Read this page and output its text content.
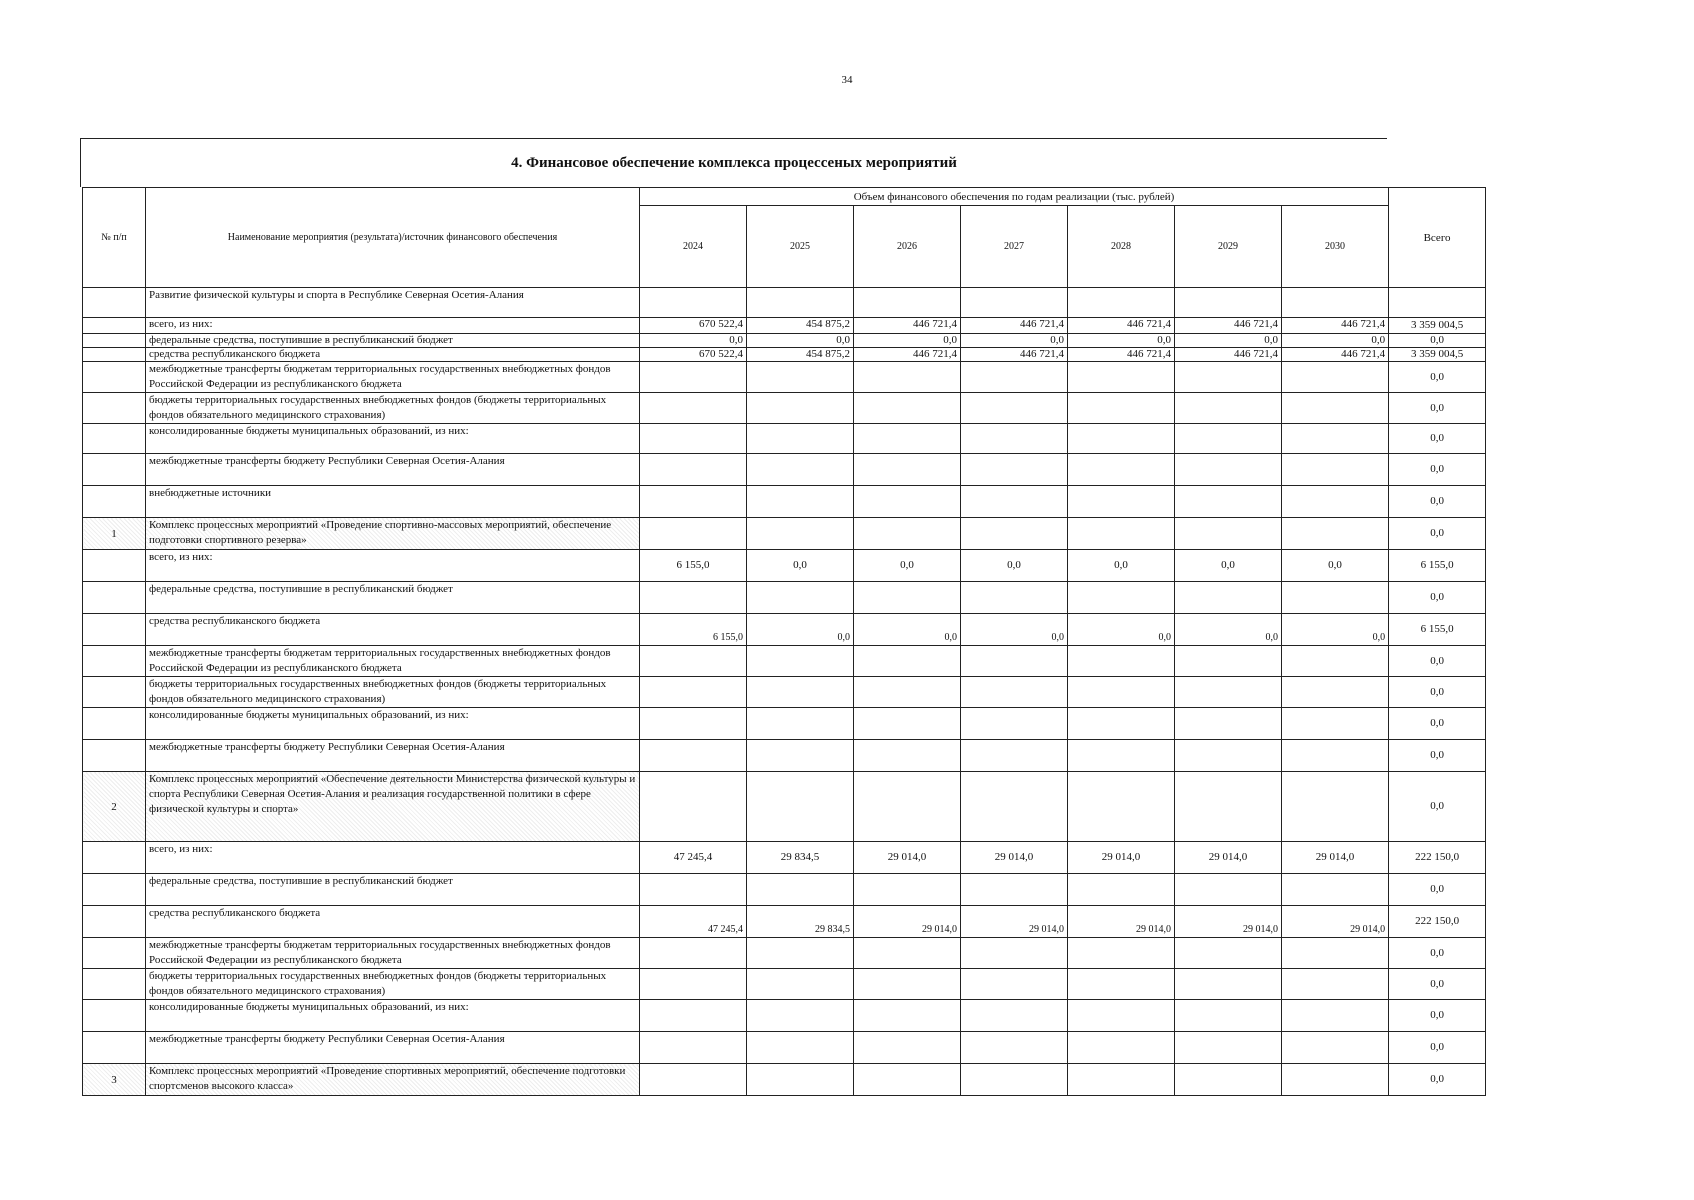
34
4. Финансовое обеспечение комплекса процессеных мероприятий
№ п/п	Наименование мероприятия (результата)/источник финансового обеспечения	Объем финансового обеспечения по годам реализации (тыс. рублей)							Всего
		2024	2025	2026	2027	2028	2029	2030	
	Развитие физической культуры и спорта в Республике Северная Осетия-Алания								
	всего, из них:	670 522,4	454 875,2	446 721,4	446 721,4	446 721,4	446 721,4	446 721,4	3 359 004,5
	федеральные средства, поступившие в республиканский бюджет	0,0	0,0	0,0	0,0	0,0	0,0	0,0	0,0
	средства республиканского бюджета	670 522,4	454 875,2	446 721,4	446 721,4	446 721,4	446 721,4	446 721,4	3 359 004,5
	межбюджетные трансферты бюджетам территориальных государственных внебюджетных фондов Российской Федерации из республиканского бюджета								0,0
	бюджеты территориальных государственных внебюджетных фондов (бюджеты территориальных фондов обязательного медицинского страхования)								0,0
	консолидированные бюджеты муниципальных образований, из них:								0,0
	межбюджетные трансферты бюджету Республики Северная Осетия-Алания								0,0
	внебюджетные источники								0,0
1	Комплекс процессных мероприятий «Проведение спортивно-массовых мероприятий, обеспечение подготовки спортивного резерва»								0,0
	всего, из них:	6 155,0	0,0	0,0	0,0	0,0	0,0	0,0	6 155,0
	федеральные средства, поступившие в республиканский бюджет								0,0
	средства республиканского бюджета	6 155,0	0,0	0,0	0,0	0,0	0,0	0,0	6 155,0
	межбюджетные трансферты бюджетам территориальных государственных внебюджетных фондов Российской Федерации из республиканского бюджета								0,0
	бюджеты территориальных государственных внебюджетных фондов (бюджеты территориальных фондов обязательного медицинского страхования)								0,0
	консолидированные бюджеты муниципальных образований, из них:								0,0
	межбюджетные трансферты бюджету Республики Северная Осетия-Алания								0,0
2	Комплекс процессных мероприятий «Обеспечение деятельности Министерства физической культуры и спорта Республики Северная Осетия-Алания и реализация государственной политики в сфере физической культуры и спорта»								0,0
	всего, из них:	47 245,4	29 834,5	29 014,0	29 014,0	29 014,0	29 014,0	29 014,0	222 150,0
	федеральные средства, поступившие в республиканский бюджет								0,0
	средства республиканского бюджета	47 245,4	29 834,5	29 014,0	29 014,0	29 014,0	29 014,0	29 014,0	222 150,0
	межбюджетные трансферты бюджетам территориальных государственных внебюджетных фондов Российской Федерации из республиканского бюджета								0,0
	бюджеты территориальных государственных внебюджетных фондов (бюджеты территориальных фондов обязательного медицинского страхования)								0,0
	консолидированные бюджеты муниципальных образований, из них:								0,0
	межбюджетные трансферты бюджету Республики Северная Осетия-Алания								0,0
3	Комплекс процессных мероприятий «Проведение спортивных мероприятий, обеспечение подготовки спортсменов высокого класса»								0,0
